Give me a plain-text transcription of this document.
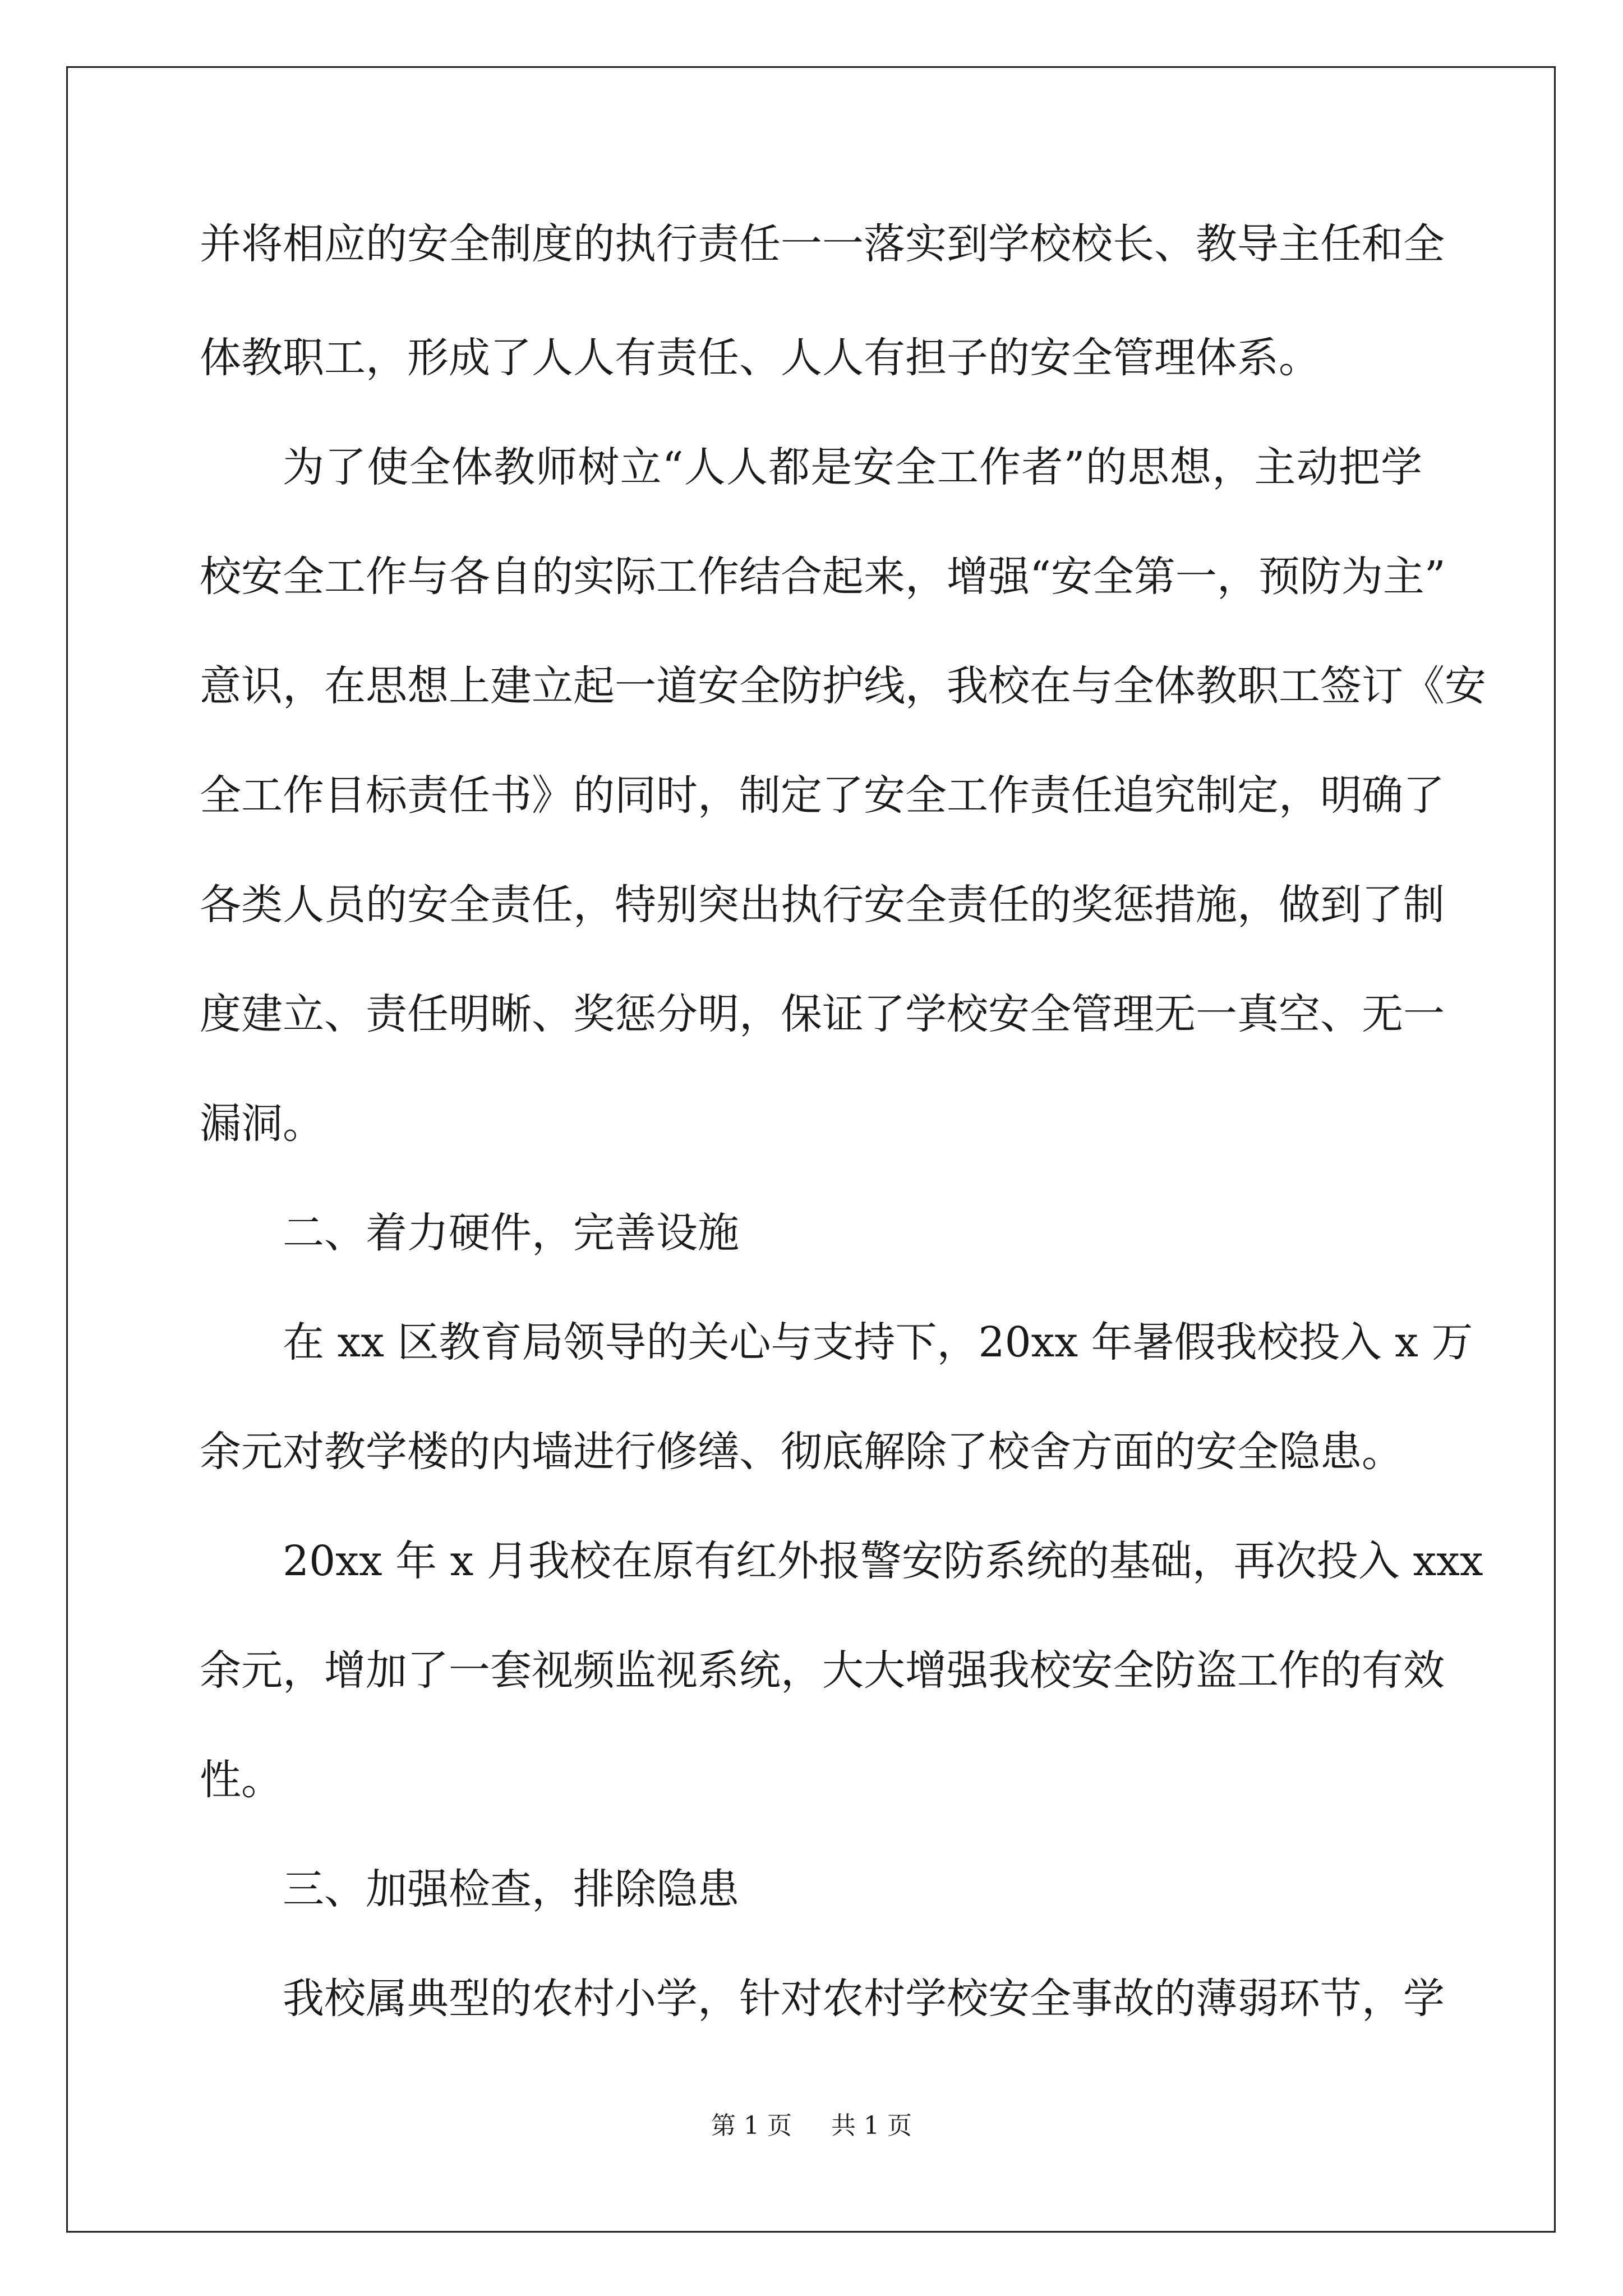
并将相应的安全制度的执行责任一一落实到学校校长、教导主任和全
体教职工，形成了人人有责任、人人有担子的安全管理体系。
为了使全体教师树立“人人都是安全工作者”的思想，主动把学
校安全工作与各自的实际工作结合起来，增强“安全第一，预防为主”
意识，在思想上建立起一道安全防护线，我校在与全体教职工签订《安
全工作目标责任书》的同时，制定了安全工作责任追究制定，明确了
各类人员的安全责任，特别突出执行安全责任的奖惩措施，做到了制
度建立、责任明晰、奖惩分明，保证了学校安全管理无一真空、无一
漏洞。
二、着力硬件，完善设施
在 xx 区教育局领导的关心与支持下，20xx 年暑假我校投入 x 万
余元对教学楼的内墙进行修缮、彻底解除了校舍方面的安全隐患。
20xx 年 x 月我校在原有红外报警安防系统的基础，再次投入 xxx
余元，增加了一套视频监视系统，大大增强我校安全防盗工作的有效
性。
三、加强检查，排除隐患
我校属典型的农村小学，针对农村学校安全事故的薄弱环节，学
第 1 页 共 1 页
